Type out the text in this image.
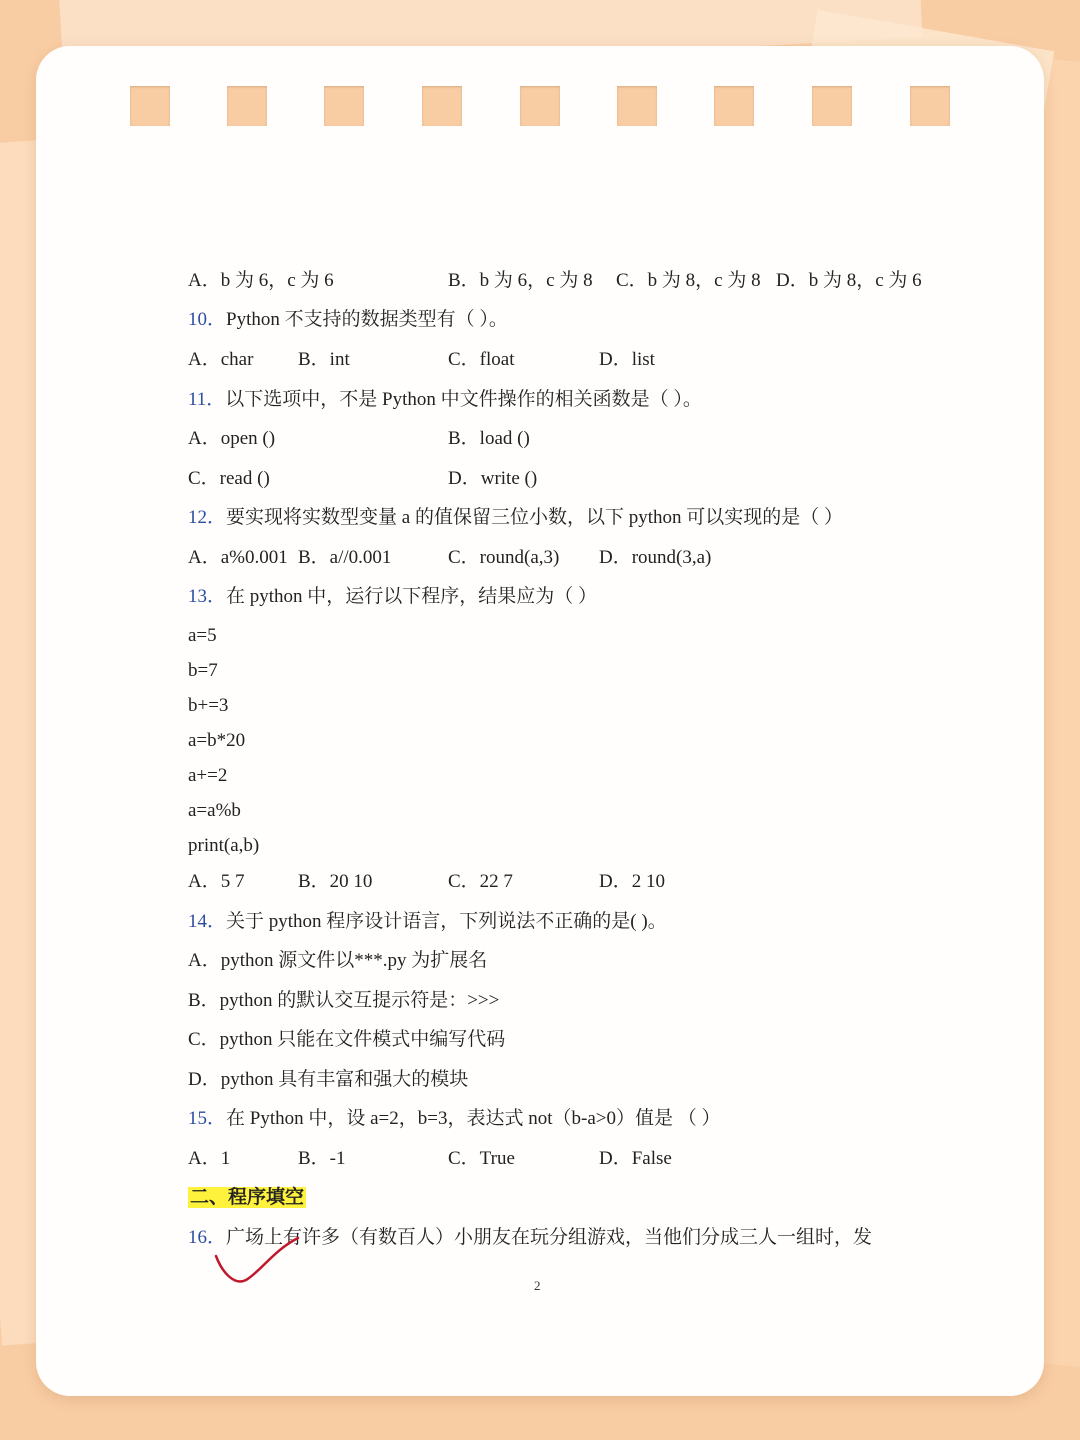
A．b 为 6，c 为 6	B．b 为 6，c 为 8 C．b 为 8，c 为 8 D．b 为 8，c 为 6
10．Python 不支持的数据类型有（ ）。
A．char B．int	C．float	D．list
11．以下选项中，不是 Python 中文件操作的相关函数是（ ）。
A．open ()	B．load ()
C．read ()	D．write ()
12．要实现将实数型变量 a 的值保留三位小数，以下 python 可以实现的是（ ）
A．a%0.001 B．a//0.001	C．round(a,3) D．round(3,a)
13．在 python 中，运行以下程序，结果应为（ ）
a=5
b=7
b+=3
a=b*20
a+=2
a=a%b
print(a,b)
A．5 7	B．20 10	C．22 7	D．2 10
14．关于 python 程序设计语言，下列说法不正确的是( )。
A．python 源文件以***.py 为扩展名
B．python 的默认交互提示符是：>>>
C．python 只能在文件模式中编写代码
D．python 具有丰富和强大的模块
15．在 Python 中，设 a=2，b=3，表达式 not（b-a>0）值是 （ ）
A．1	B．-1	C．True	D．False
二、程序填空
16．广场上有许多（有数百人）小朋友在玩分组游戏，当他们分成三人一组时，发
2
